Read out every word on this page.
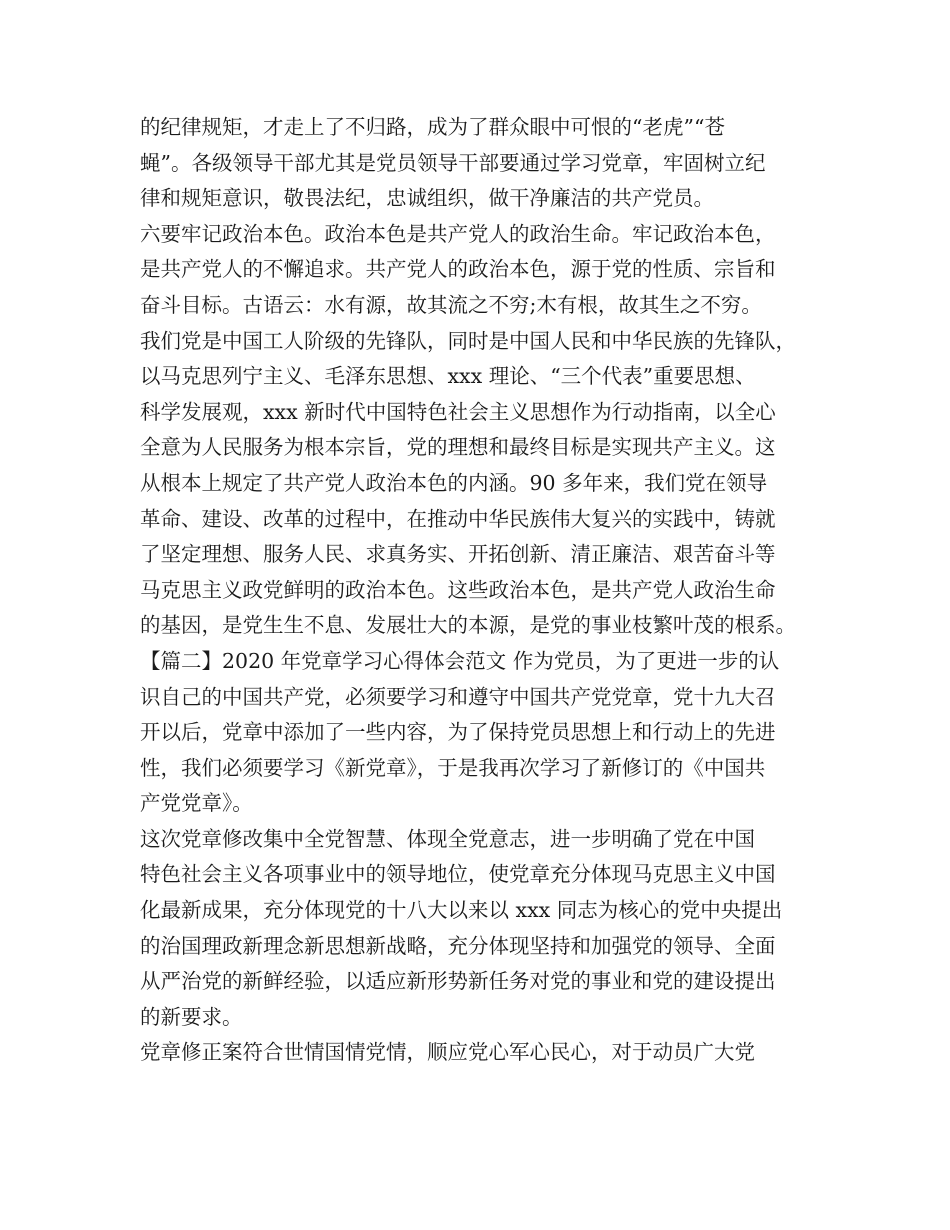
的纪律规矩，才走上了不归路，成为了群众眼中可恨的“老虎”“苍
蝇”。各级领导干部尤其是党员领导干部要通过学习党章，牢固树立纪
律和规矩意识，敬畏法纪，忠诚组织，做干净廉洁的共产党员。
六要牢记政治本色。政治本色是共产党人的政治生命。牢记政治本色，
是共产党人的不懈追求。共产党人的政治本色，源于党的性质、宗旨和
奋斗目标。古语云：水有源，故其流之不穷;木有根，故其生之不穷。
我们党是中国工人阶级的先锋队，同时是中国人民和中华民族的先锋队，
以马克思列宁主义、毛泽东思想、xxx 理论、“三个代表”重要思想、
科学发展观，xxx 新时代中国特色社会主义思想作为行动指南，以全心
全意为人民服务为根本宗旨，党的理想和最终目标是实现共产主义。这
从根本上规定了共产党人政治本色的内涵。90 多年来，我们党在领导
革命、建设、改革的过程中，在推动中华民族伟大复兴的实践中，铸就
了坚定理想、服务人民、求真务实、开拓创新、清正廉洁、艰苦奋斗等
马克思主义政党鲜明的政治本色。这些政治本色，是共产党人政治生命
的基因，是党生生不息、发展壮大的本源，是党的事业枝繁叶茂的根系。
【篇二】2020 年党章学习心得体会范文 作为党员，为了更进一步的认
识自己的中国共产党，必须要学习和遵守中国共产党党章，党十九大召
开以后，党章中添加了一些内容，为了保持党员思想上和行动上的先进
性，我们必须要学习《新党章》，于是我再次学习了新修订的《中国共
产党党章》。
这次党章修改集中全党智慧、体现全党意志，进一步明确了党在中国
特色社会主义各项事业中的领导地位，使党章充分体现马克思主义中国
化最新成果，充分体现党的十八大以来以 xxx 同志为核心的党中央提出
的治国理政新理念新思想新战略，充分体现坚持和加强党的领导、全面
从严治党的新鲜经验，以适应新形势新任务对党的事业和党的建设提出
的新要求。
党章修正案符合世情国情党情，顺应党心军心民心，对于动员广大党
